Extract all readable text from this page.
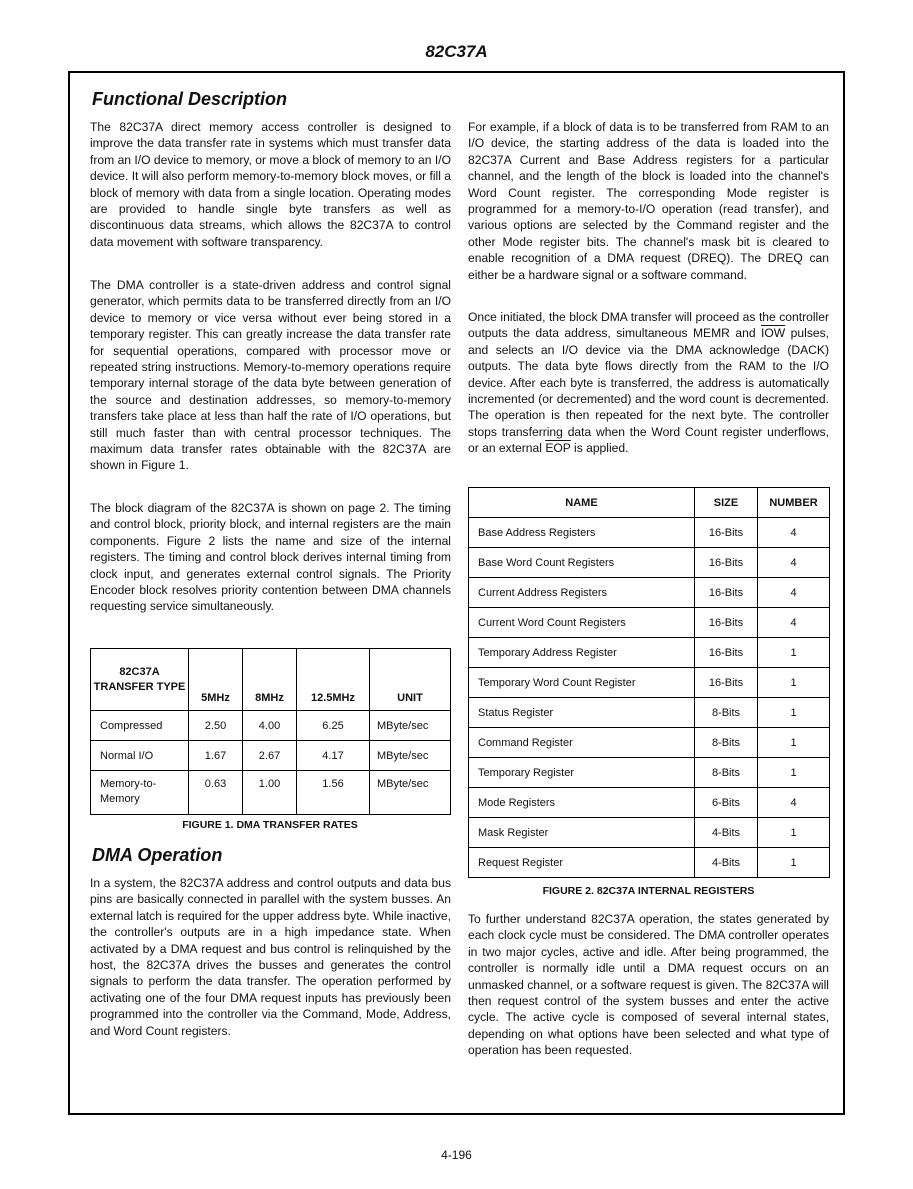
82C37A
Functional Description

The 82C37A direct memory access controller is designed to improve the data transfer rate in systems which must transfer data from an I/O device to memory, or move a block of memory to an I/O device. It will also perform memory-to-memory block moves, or fill a block of memory with data from a single location. Operating modes are provided to handle single byte transfers as well as discontinuous data streams, which allows the 82C37A to control data movement with software transparency.

The DMA controller is a state-driven address and control signal generator, which permits data to be transferred directly from an I/O device to memory or vice versa without ever being stored in a temporary register. This can greatly increase the data transfer rate for sequential operations, compared with processor move or repeated string instructions. Memory-to-memory operations require temporary internal storage of the data byte between generation of the source and destination addresses, so memory-to-memory transfers take place at less than half the rate of I/O operations, but still much faster than with central processor techniques. The maximum data transfer rates obtainable with the 82C37A are shown in Figure 1.

The block diagram of the 82C37A is shown on page 2. The timing and control block, priority block, and internal registers are the main components. Figure 2 lists the name and size of the internal registers. The timing and control block derives internal timing from clock input, and generates external control signals. The Priority Encoder block resolves priority contention between DMA channels requesting service simultaneously.

82C37A TRANSFER TYPE	5MHz	8MHz	12.5MHz	UNIT
Compressed	2.50	4.00	6.25	MByte/sec
Normal I/O	1.67	2.67	4.17	MByte/sec
Memory-to-Memory	0.63	1.00	1.56	MByte/sec
FIGURE 1. DMA TRANSFER RATES
DMA Operation

In a system, the 82C37A address and control outputs and data bus pins are basically connected in parallel with the system busses. An external latch is required for the upper address byte. While inactive, the controller's outputs are in a high impedance state. When activated by a DMA request and bus control is relinquished by the host, the 82C37A drives the busses and generates the control signals to perform the data transfer. The operation performed by activating one of the four DMA request inputs has previously been programmed into the controller via the Command, Mode, Address, and Word Count registers.

For example, if a block of data is to be transferred from RAM to an I/O device, the starting address of the data is loaded into the 82C37A Current and Base Address registers for a particular channel, and the length of the block is loaded into the channel's Word Count register. The corresponding Mode register is programmed for a memory-to-I/O operation (read transfer), and various options are selected by the Command register and the other Mode register bits. The channel's mask bit is cleared to enable recognition of a DMA request (DREQ). The DREQ can either be a hardware signal or a software command.

Once initiated, the block DMA transfer will proceed as the controller outputs the data address, simultaneous MEMR and $\overline{IOW}$ pulses, and selects an I/O device via the DMA acknowledge (DACK) outputs. The data byte flows directly from the RAM to the I/O device. After each byte is transferred, the address is automatically incremented (or decremented) and the word count is decremented. The operation is then repeated for the next byte. The controller stops transferring data when the Word Count register underflows, or an external $\overline{EOP}$ is applied.

NAME	SIZE	NUMBER
Base Address Registers	16-Bits	4
Base Word Count Registers	16-Bits	4
Current Address Registers	16-Bits	4
Current Word Count Registers	16-Bits	4
Temporary Address Register	16-Bits	1
Temporary Word Count Register	16-Bits	1
Status Register	8-Bits	1
Command Register	8-Bits	1
Temporary Register	8-Bits	1
Mode Registers	6-Bits	4
Mask Register	4-Bits	1
Request Register	4-Bits	1
FIGURE 2. 82C37A INTERNAL REGISTERS

To further understand 82C37A operation, the states generated by each clock cycle must be considered. The DMA controller operates in two major cycles, active and idle. After being programmed, the controller is normally idle until a DMA request occurs on an unmasked channel, or a software request is given. The 82C37A will then request control of the system busses and enter the active cycle. The active cycle is composed of several internal states, depending on what options have been selected and what type of operation has been requested.

4-196
